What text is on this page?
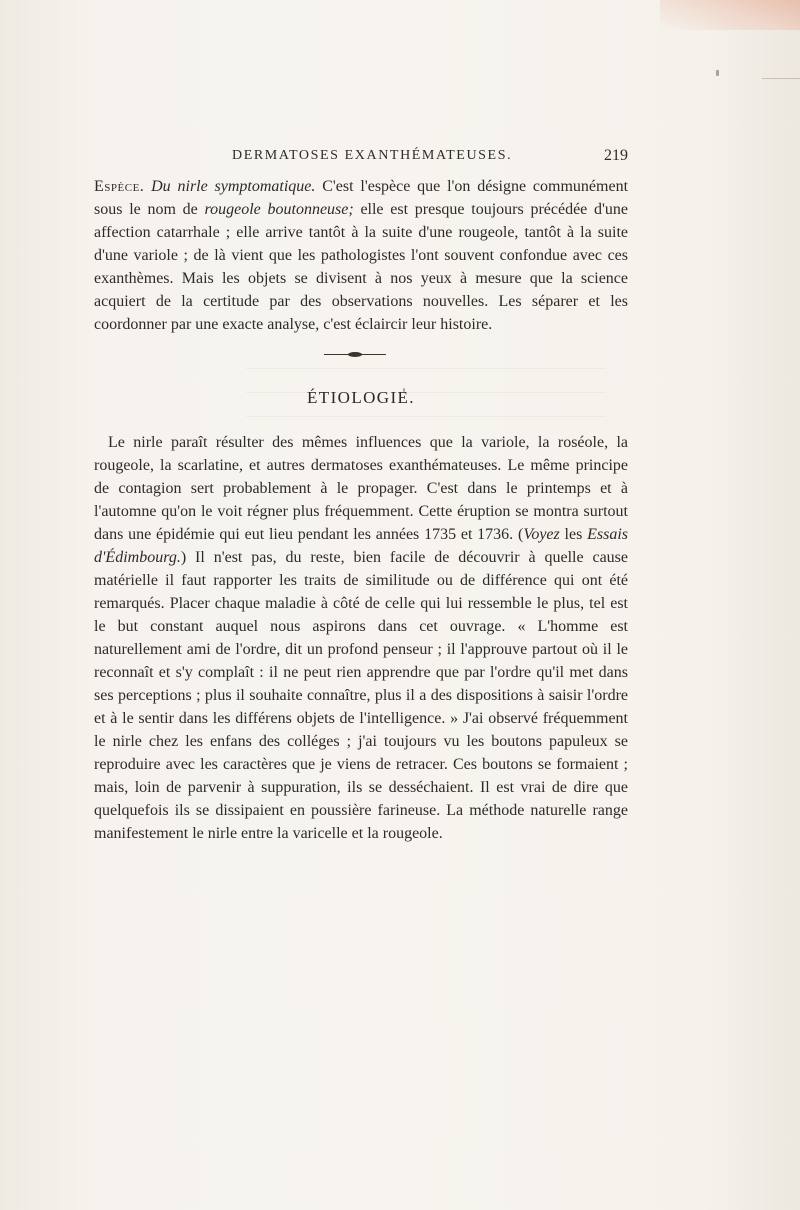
DERMATOSES EXANTHÉMATEUSES.	219
Espèce. Du nirle symptomatique. C'est l'espèce que l'on désigne communément sous le nom de rougeole boutonneuse; elle est presque toujours précédée d'une affection catarrhale ; elle arrive tantôt à la suite d'une rougeole, tantôt à la suite d'une variole ; de là vient que les pathologistes l'ont souvent confondue avec ces exanthèmes. Mais les objets se divisent à nos yeux à mesure que la science acquiert de la certitude par des observations nouvelles. Les séparer et les coordonner par une exacte analyse, c'est éclaircir leur histoire.
ÉTIOLOGIE.
Le nirle paraît résulter des mêmes influences que la variole, la roséole, la rougeole, la scarlatine, et autres dermatoses exanthémateuses. Le même principe de contagion sert probablement à le propager. C'est dans le printemps et à l'automne qu'on le voit régner plus fréquemment. Cette éruption se montra surtout dans une épidémie qui eut lieu pendant les années 1735 et 1736. (Voyez les Essais d'Édimbourg.) Il n'est pas, du reste, bien facile de découvrir à quelle cause matérielle il faut rapporter les traits de similitude ou de différence qui ont été remarqués. Placer chaque maladie à côté de celle qui lui ressemble le plus, tel est le but constant auquel nous aspirons dans cet ouvrage. « L'homme est naturellement ami de l'ordre, dit un profond penseur ; il l'approuve partout où il le reconnaît et s'y complaît : il ne peut rien apprendre que par l'ordre qu'il met dans ses perceptions ; plus il souhaite connaître, plus il a des dispositions à saisir l'ordre et à le sentir dans les différens objets de l'intelligence. » J'ai observé fréquemment le nirle chez les enfans des colléges ; j'ai toujours vu les boutons papuleux se reproduire avec les caractères que je viens de retracer. Ces boutons se formaient ; mais, loin de parvenir à suppuration, ils se desséchaient. Il est vrai de dire que quelquefois ils se dissipaient en poussière farineuse. La méthode naturelle range manifestement le nirle entre la varicelle et la rougeole.
